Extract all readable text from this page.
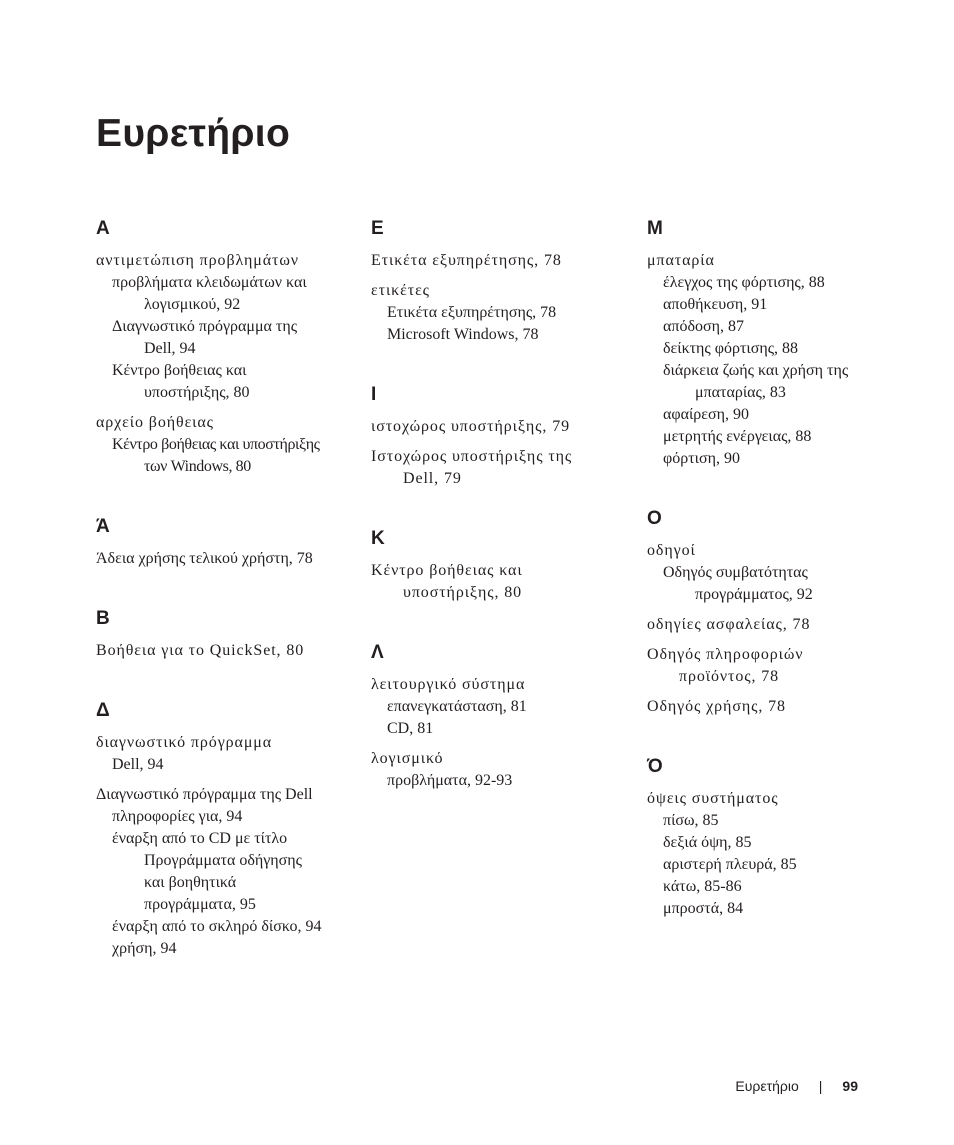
Ευρετήριο
A
αντιμετώπιση προβλημάτων
προβλήματα κλειδωμάτων και
λογισμικού, 92
Διαγνωστικό πρόγραμμα της
Dell, 94
Κέντρο βοήθειας και
υποστήριξης, 80
αρχείο βοήθειας
Κέντρο βοήθειας και υποστήριξης
των Windows, 80
Ά
Άδεια χρήσης τελικού χρήστη, 78
B
Βοήθεια για το QuickSet, 80
Δ
διαγνωστικό πρόγραμμα
Dell, 94
Διαγνωστικό πρόγραμμα της Dell
πληροφορίες για, 94
έναρξη από το CD με τίτλο
Προγράμματα οδήγησης
και βοηθητικά
προγράμματα, 95
έναρξη από το σκληρό δίσκο, 94
χρήση, 94
E
Ετικέτα εξυπηρέτησης, 78
ετικέτες
Ετικέτα εξυπηρέτησης, 78
Microsoft Windows, 78
I
ιστοχώρος υποστήριξης, 79
Ιστοχώρος υποστήριξης της
Dell, 79
K
Κέντρο βοήθειας και
υποστήριξης, 80
Λ
λειτουργικό σύστημα
επανεγκατάσταση, 81
CD, 81
λογισμικό
προβλήματα, 92-93
M
μπαταρία
έλεγχος της φόρτισης, 88
αποθήκευση, 91
απόδοση, 87
δείκτης φόρτισης, 88
διάρκεια ζωής και χρήση της
μπαταρίας, 83
αφαίρεση, 90
μετρητής ενέργειας, 88
φόρτιση, 90
O
οδηγοί
Οδηγός συμβατότητας
προγράμματος, 92
οδηγίες ασφαλείας, 78
Οδηγός πληροφοριών
προϊόντος, 78
Οδηγός χρήσης, 78
Ό
όψεις συστήματος
πίσω, 85
δεξιά όψη, 85
αριστερή πλευρά, 85
κάτω, 85-86
μπροστά, 84
Ευρετήριο | 99
